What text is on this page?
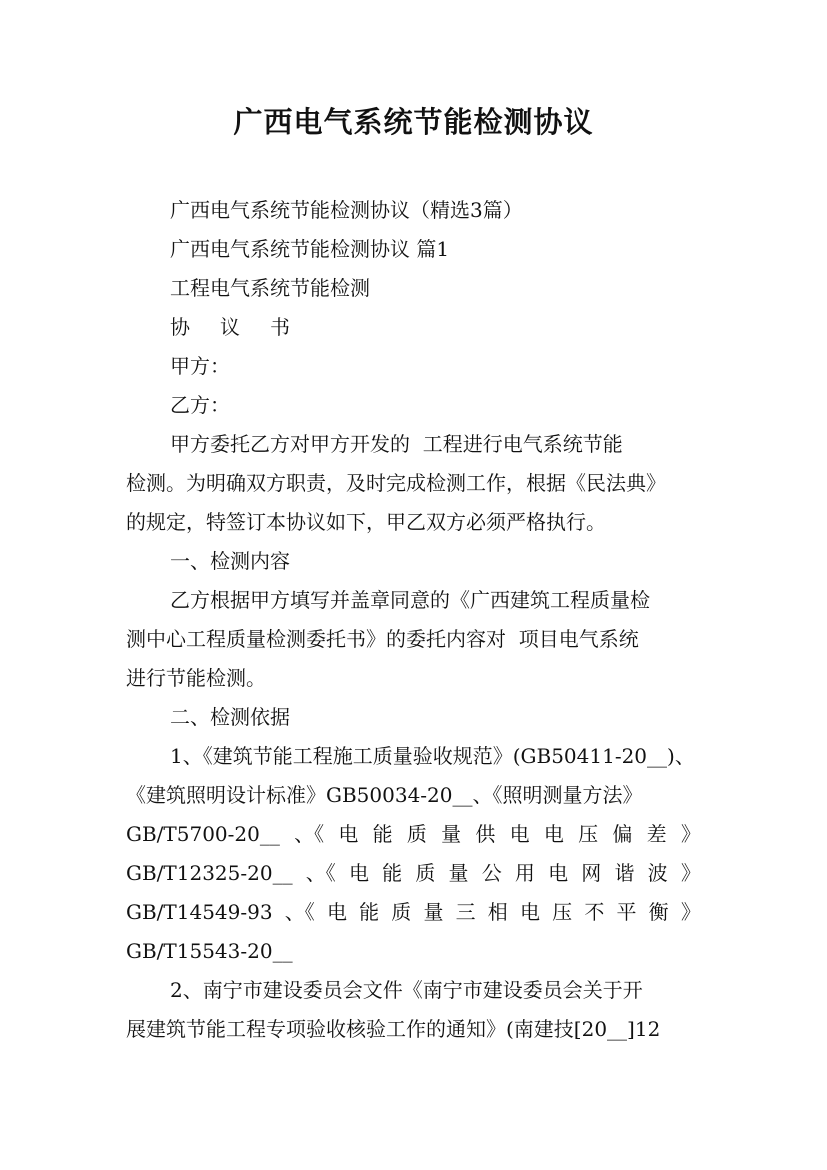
广西电气系统节能检测协议
广西电气系统节能检测协议（精选3篇）
广西电气系统节能检测协议 篇1
工程电气系统节能检测
协 议 书
甲方：
乙方：
甲方委托乙方对甲方开发的  工程进行电气系统节能
检测。为明确双方职责，及时完成检测工作，根据《民法典》
的规定，特签订本协议如下，甲乙双方必须严格执行。
一、检测内容
乙方根据甲方填写并盖章同意的《广西建筑工程质量检
测中心工程质量检测委托书》的委托内容对  项目电气系统
进行节能检测。
二、检测依据
1、《建筑节能工程施工质量验收规范》(GB50411-20__)、
《建筑照明设计标准》GB50034-20__、《照明测量方法》
GB/T5700-20__ 、《 电 能 质 量 供 电 电 压 偏 差 》
GB/T12325-20__ 、《 电 能 质 量 公 用 电 网 谐 波 》
GB/T14549-93 、《 电 能 质 量 三 相 电 压 不 平 衡 》
GB/T15543-20__
2、南宁市建设委员会文件《南宁市建设委员会关于开
展建筑节能工程专项验收核验工作的通知》(南建技[20__]12
